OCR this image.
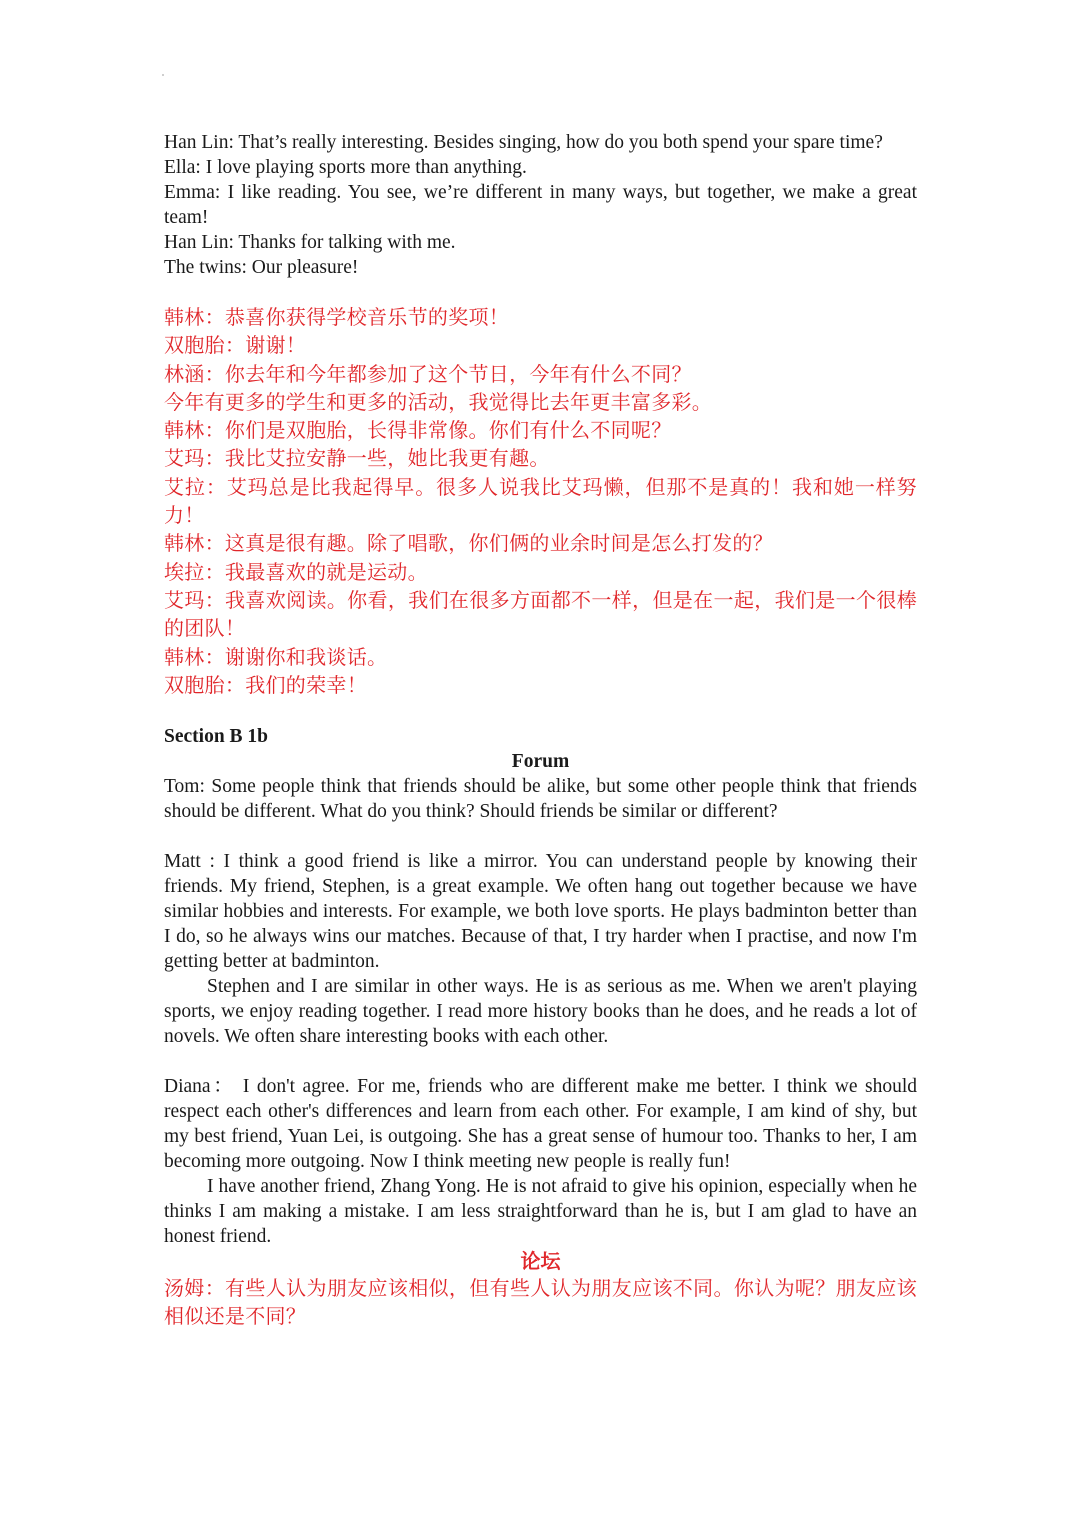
Han Lin: That’s really interesting. Besides singing, how do you both spend your spare time?

Ella: I love playing sports more than anything.

Emma: I like reading. You see, we’re different in many ways, but together, we make a great team!

Han Lin: Thanks for talking with me.

The twins: Our pleasure!

韩林：恭喜你获得学校音乐节的奖项！

双胞胎：谢谢！

林涵：你去年和今年都参加了这个节日，今年有什么不同？

今年有更多的学生和更多的活动，我觉得比去年更丰富多彩。

韩林：你们是双胞胎，长得非常像。你们有什么不同呢？

艾玛：我比艾拉安静一些，她比我更有趣。

艾拉：艾玛总是比我起得早。很多人说我比艾玛懒，但那不是真的！我和她一样努力！

韩林：这真是很有趣。除了唱歌，你们俩的业余时间是怎么打发的？

埃拉：我最喜欢的就是运动。

艾玛：我喜欢阅读。你看，我们在很多方面都不一样，但是在一起，我们是一个很棒的团队！

韩林：谢谢你和我谈话。

双胞胎：我们的荣幸！

Section B 1b

Forum

Tom: Some people think that friends should be alike, but some other people think that friends should be different. What do you think? Should friends be similar or different?

Matt : I think a good friend is like a mirror. You can understand people by knowing their friends. My friend, Stephen, is a great example. We often hang out together because we have similar hobbies and interests. For example, we both love sports. He plays badminton better than I do, so he always wins our matches. Because of that, I try harder when I practise, and now I'm getting better at badminton.

Stephen and I are similar in other ways. He is as serious as me. When we aren't playing sports, we enjoy reading together. I read more history books than he does, and he reads a lot of novels. We often share interesting books with each other.

Diana： I don't agree. For me, friends who are different make me better. I think we should respect each other's differences and learn from each other. For example, I am kind of shy, but my best friend, Yuan Lei, is outgoing. She has a great sense of humour too. Thanks to her, I am becoming more outgoing. Now I think meeting new people is really fun!

I have another friend, Zhang Yong. He is not afraid to give his opinion, especially when he thinks I am making a mistake. I am less straightforward than he is, but I am glad to have an honest friend.

论坛

汤姆：有些人认为朋友应该相似，但有些人认为朋友应该不同。你认为呢？朋友应该相似还是不同？
